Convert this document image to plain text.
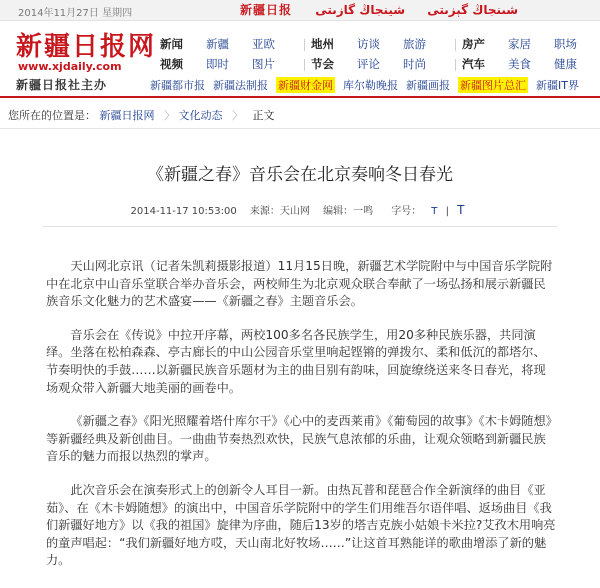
2014年11月27日 星期四	新疆日报	شىنجاڭ گېزىتى شينجاڭ گازىتى
新疆日报网
www.xjdaily.com
新疆日报社主办
新闻 新疆 亚欧	地州 访谈 旅游	房产 家居 职场
视频 即时 图片	节会 评论 时尚	汽车 美食 健康
新疆都市报 新疆法制报 新疆财金网 库尔勒晚报 新疆画报 新疆图片总汇 新疆IT界
您所在的位置是： 新疆日报网 〉 文化动态 〉 正文
《新疆之春》音乐会在北京奏响冬日春光
2014-11-17 10:53:00 来源：天山网 编辑：一鸣 字号： T | T

天山网北京讯（记者朱凯莉摄影报道）11月15日晚，新疆艺术学院附中与中国音乐学院附中在北京中山音乐堂联合举办音乐会，两校师生为北京观众联合奉献了一场弘扬和展示新疆民族音乐文化魅力的艺术盛宴——《新疆之春》主题音乐会。

音乐会在《传说》中拉开序幕，两校100多名各民族学生，用20多种民族乐器，共同演绎。坐落在松柏森森、亭古廊长的中山公园音乐堂里响起铿锵的弹拨尔、柔和低沉的都塔尔、节奏明快的手鼓……以新疆民族音乐题材为主的曲目别有韵味，回旋缭绕送来冬日春光，将现场观众带入新疆大地美丽的画卷中。

《新疆之春》《阳光照耀着塔什库尔干》《心中的麦西莱甫》《葡萄园的故事》《木卡姆随想》等新疆经典及新创曲目。一曲曲节奏热烈欢快，民族气息浓郁的乐曲，让观众领略到新疆民族音乐的魅力而报以热烈的掌声。

此次音乐会在演奏形式上的创新令人耳目一新。由热瓦普和琵琶合作全新演绎的曲目《亚茹》、在《木卡姆随想》的演出中，中国音乐学院附中的学生们用维吾尔语伴唱、返场曲目《我们新疆好地方》以《我的祖国》旋律为序曲，随后13岁的塔吉克族小姑娘卡米拉?艾孜木用响亮的童声唱起：“我们新疆好地方哎，天山南北好牧场……”让这首耳熟能详的歌曲增添了新的魅力。
